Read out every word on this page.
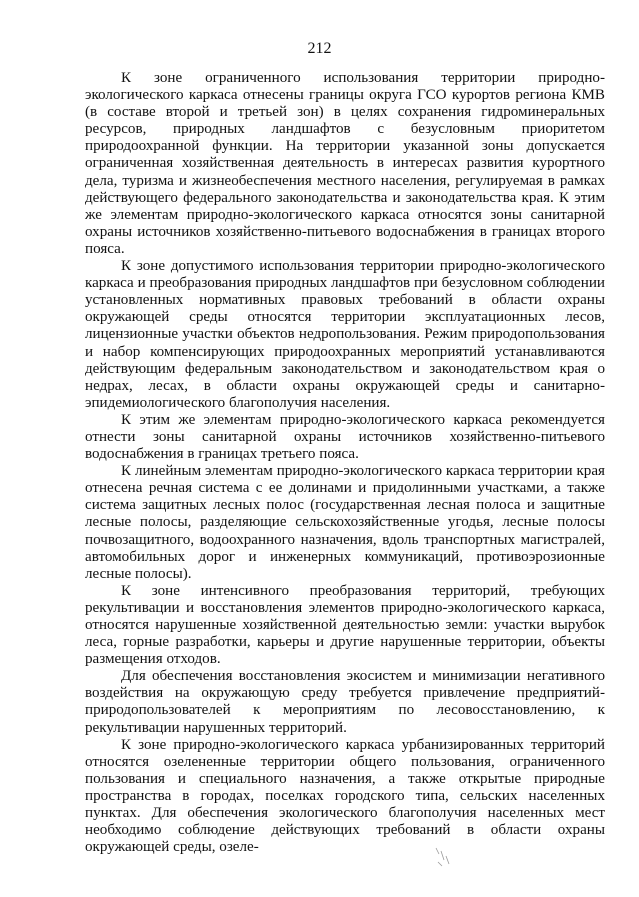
212

К зоне ограниченного использования территории природно-экологического каркаса отнесены границы округа ГСО курортов региона КМВ (в составе второй и третьей зон) в целях сохранения гидроминеральных ресурсов, природных ландшафтов с безусловным приоритетом природоохранной функции. На территории указанной зоны допускается ограниченная хозяйственная деятельность в интересах развития курортного дела, туризма и жизнеобеспечения местного населения, регулируемая в рамках действующего федерального законодательства и законодательства края. К этим же элементам природно-экологического каркаса относятся зоны санитарной охраны источников хозяйственно-питьевого водоснабжения в границах второго пояса.

К зоне допустимого использования территории природно-экологического каркаса и преобразования природных ландшафтов при безусловном соблюдении установленных нормативных правовых требований в области охраны окружающей среды относятся территории эксплуатационных лесов, лицензионные участки объектов недропользования. Режим природопользования и набор компенсирующих природоохранных мероприятий устанавливаются действующим федеральным законодательством и законодательством края о недрах, лесах, в области охраны окружающей среды и санитарно-эпидемиологического благополучия населения.

К этим же элементам природно-экологического каркаса рекомендуется отнести зоны санитарной охраны источников хозяйственно-питьевого водоснабжения в границах третьего пояса.

К линейным элементам природно-экологического каркаса территории края отнесена речная система с ее долинами и придолинными участками, а также система защитных лесных полос (государственная лесная полоса и защитные лесные полосы, разделяющие сельскохозяйственные угодья, лесные полосы почвозащитного, водоохранного назначения, вдоль транспортных магистралей, автомобильных дорог и инженерных коммуникаций, противоэрозионные лесные полосы).

К зоне интенсивного преобразования территорий, требующих рекультивации и восстановления элементов природно-экологического каркаса, относятся нарушенные хозяйственной деятельностью земли: участки вырубок леса, горные разработки, карьеры и другие нарушенные территории, объекты размещения отходов.

Для обеспечения восстановления экосистем и минимизации негативного воздействия на окружающую среду требуется привлечение предприятий-природопользователей к мероприятиям по лесовосстановлению, к рекультивации нарушенных территорий.

К зоне природно-экологического каркаса урбанизированных территорий относятся озелененные территории общего пользования, ограниченного пользования и специального назначения, а также открытые природные пространства в городах, поселках городского типа, сельских населенных пунктах. Для обеспечения экологического благополучия населенных мест необходимо соблюдение действующих требований в области охраны окружающей среды, озеле-
